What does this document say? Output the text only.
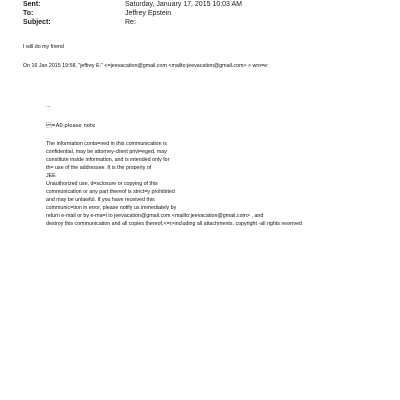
Sent:	Saturday, January 17, 2015 10:03 AM
To:	Jeffrey Epstein
Subject:	Re:
I will do my friend
On 16 Jan 2015 19:58, "jeffrey E." <=jeevacation@gmail.com <mailto:jeevacation@gmail.com> > wro=e:
...
=A0 please note
The information conta=ned in this communication is
confidential, may be attorney-client privi=eged, may
constitute inside information, and is intended only for
th= use of the addressee. It is the property of
JEE
Unauthorized use, d=sclosure or copying of this
communication or any part thereof is strict=y prohibited
and may be unlawful. If you have received this
communic=tion in error, please notify us immediately by
return e-mail or by e-ma=l to jeevacation@gmail.com <mailto:jeevacation@gmail.com> , and
destroy this communication and all copies thereof,<=r>including all attachments. copyright -all rights reserved
